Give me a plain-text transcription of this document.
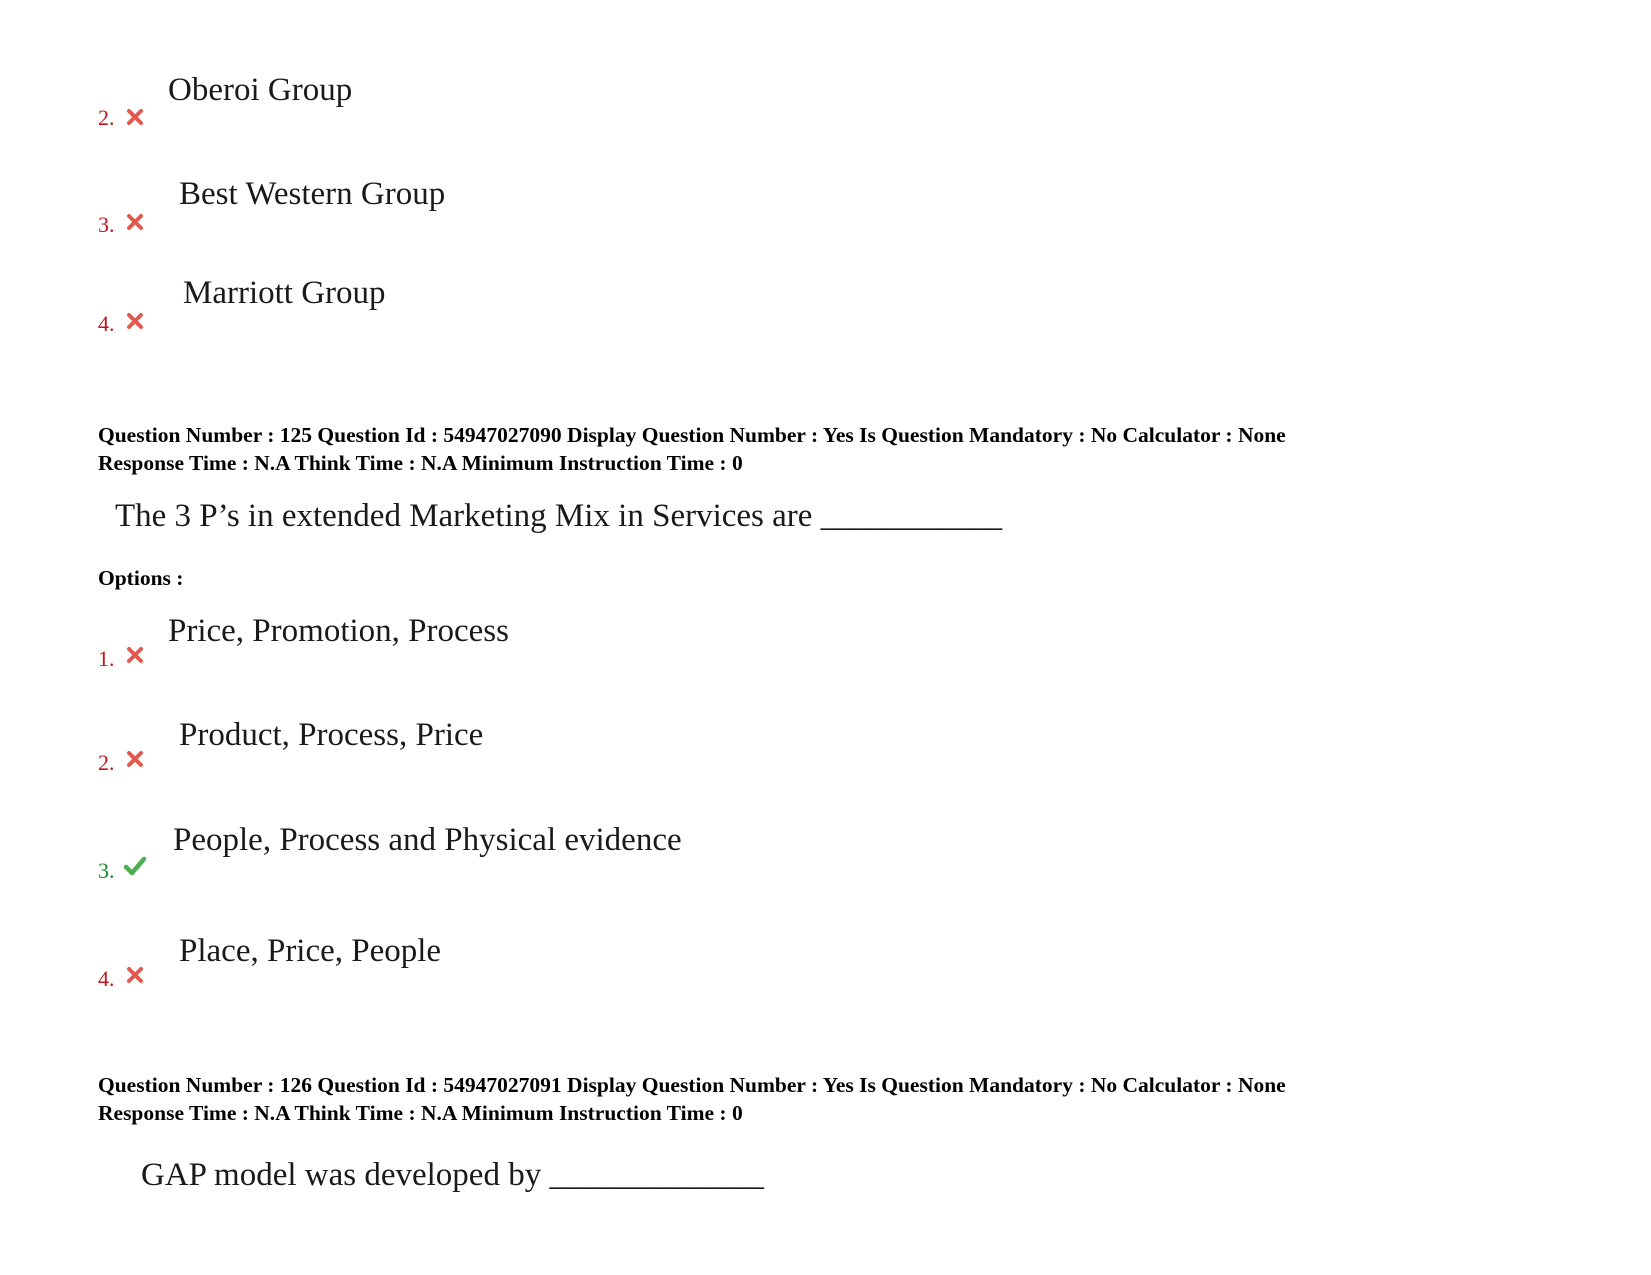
2.
Oberoi Group
3.
Best Western Group
4.
Marriott Group
Question Number : 125 Question Id : 54947027090 Display Question Number : Yes Is Question Mandatory : No Calculator : None
Response Time : N.A Think Time : N.A Minimum Instruction Time : 0
The 3 P’s in extended Marketing Mix in Services are ___________
Options :
1.
Price, Promotion, Process
2.
Product, Process, Price
3.
People, Process and Physical evidence
4.
Place, Price, People
Question Number : 126 Question Id : 54947027091 Display Question Number : Yes Is Question Mandatory : No Calculator : None
Response Time : N.A Think Time : N.A Minimum Instruction Time : 0
GAP model was developed by _____________
